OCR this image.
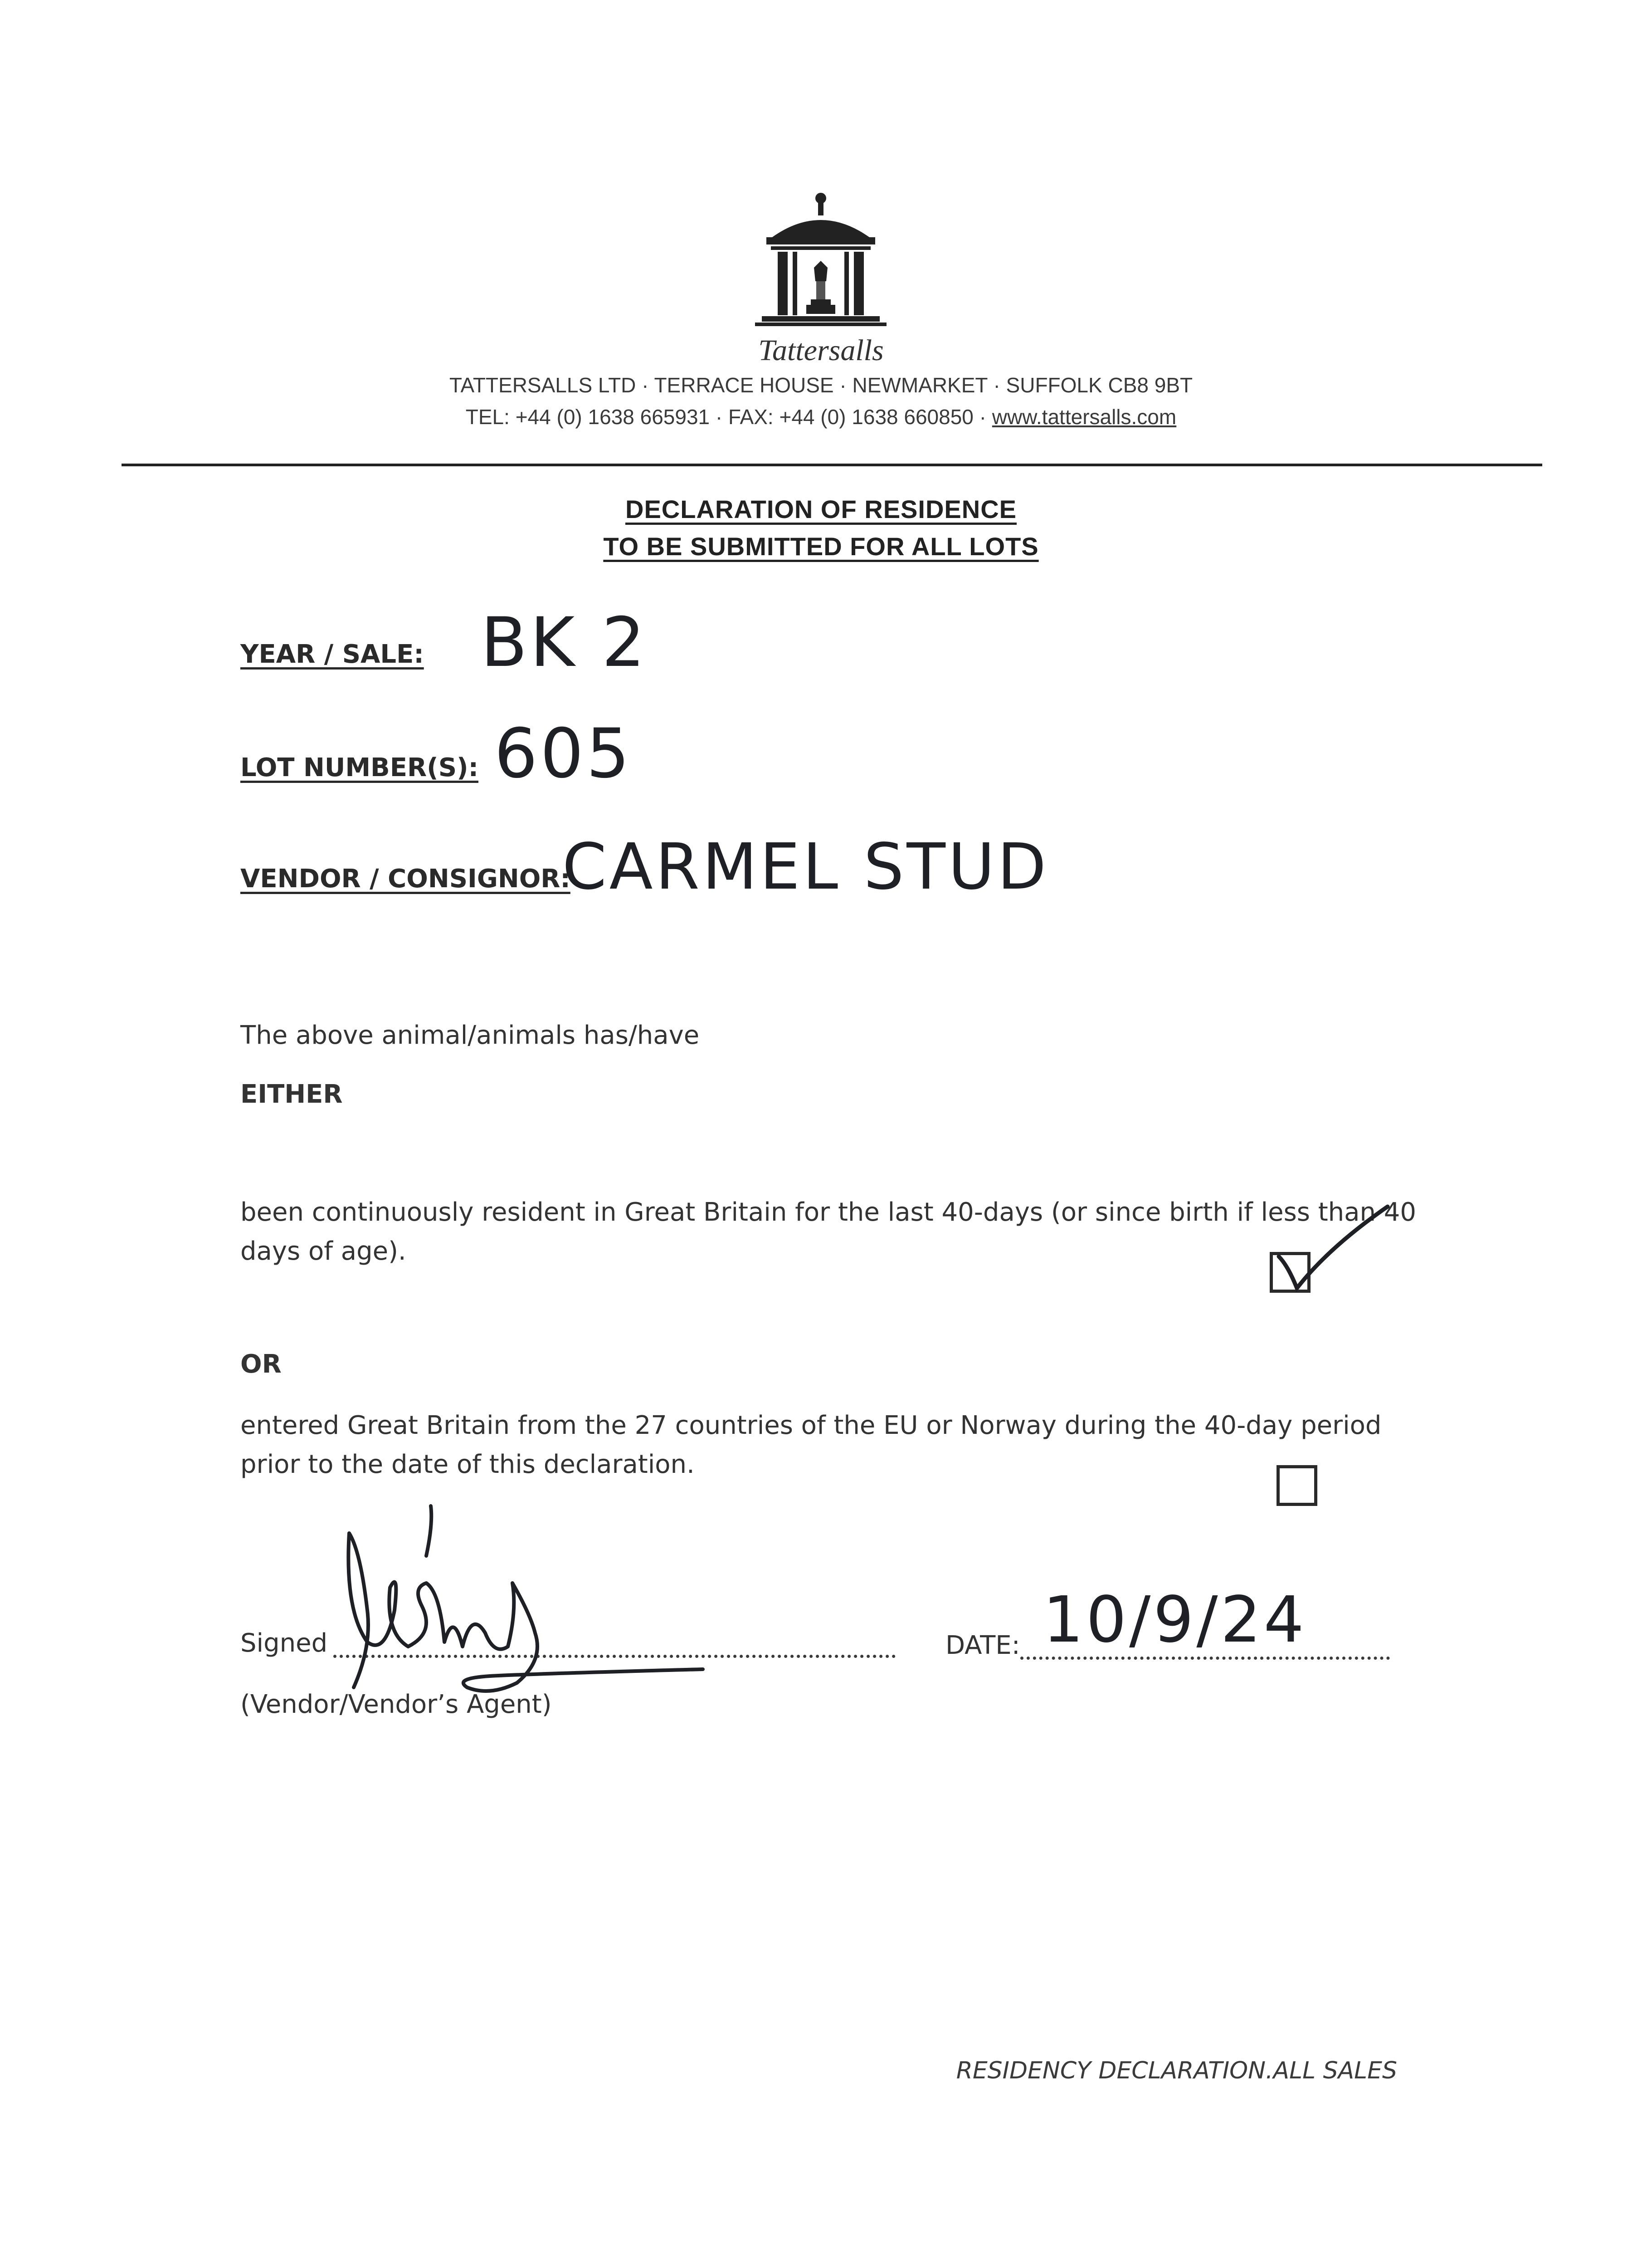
Tattersalls
TATTERSALLS LTD · TERRACE HOUSE · NEWMARKET · SUFFOLK CB8 9BT
TEL: +44 (0) 1638 665931 · FAX: +44 (0) 1638 660850 · www.tattersalls.com
DECLARATION OF RESIDENCE
TO BE SUBMITTED FOR ALL LOTS
YEAR / SALE: BK 2
LOT NUMBER(S): 605
VENDOR / CONSIGNOR:
CARMEL STUD
The above animal/animals has/have
EITHER
been continuously resident in Great Britain for the last 40-days (or since birth if less than 40
days of age).
OR
entered Great Britain from the 27 countries of the EU or Norway during the 40-day period
prior to the date of this declaration.
Signed
(Vendor/Vendor’s Agent)
DATE: 10/9/24
RESIDENCY DECLARATION.ALL SALES
